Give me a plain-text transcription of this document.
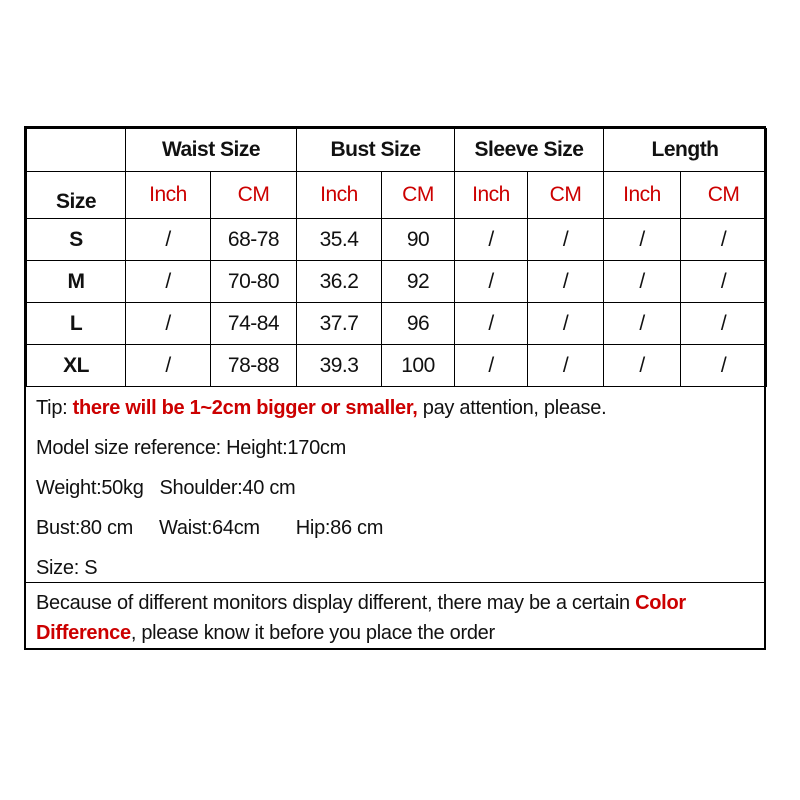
	Waist Size		Bust Size		Sleeve Size		Length	
Size	Inch	CM	Inch	CM	Inch	CM	Inch	CM
S	/	68-78	35.4	90	/	/	/	/
M	/	70-80	36.2	92	/	/	/	/
L	/	74-84	37.7	96	/	/	/	/
XL	/	78-88	39.3	100	/	/	/	/
Tip: there will be 1~2cm bigger or smaller, pay attention, please.
Model size reference: Height:170cm
Weight:50kg Shoulder:40 cm
Bust:80 cm Waist:64cm Hip:86 cm
Size: S
Because of different monitors display different, there may be a certain Color
Difference, please know it before you place the order
